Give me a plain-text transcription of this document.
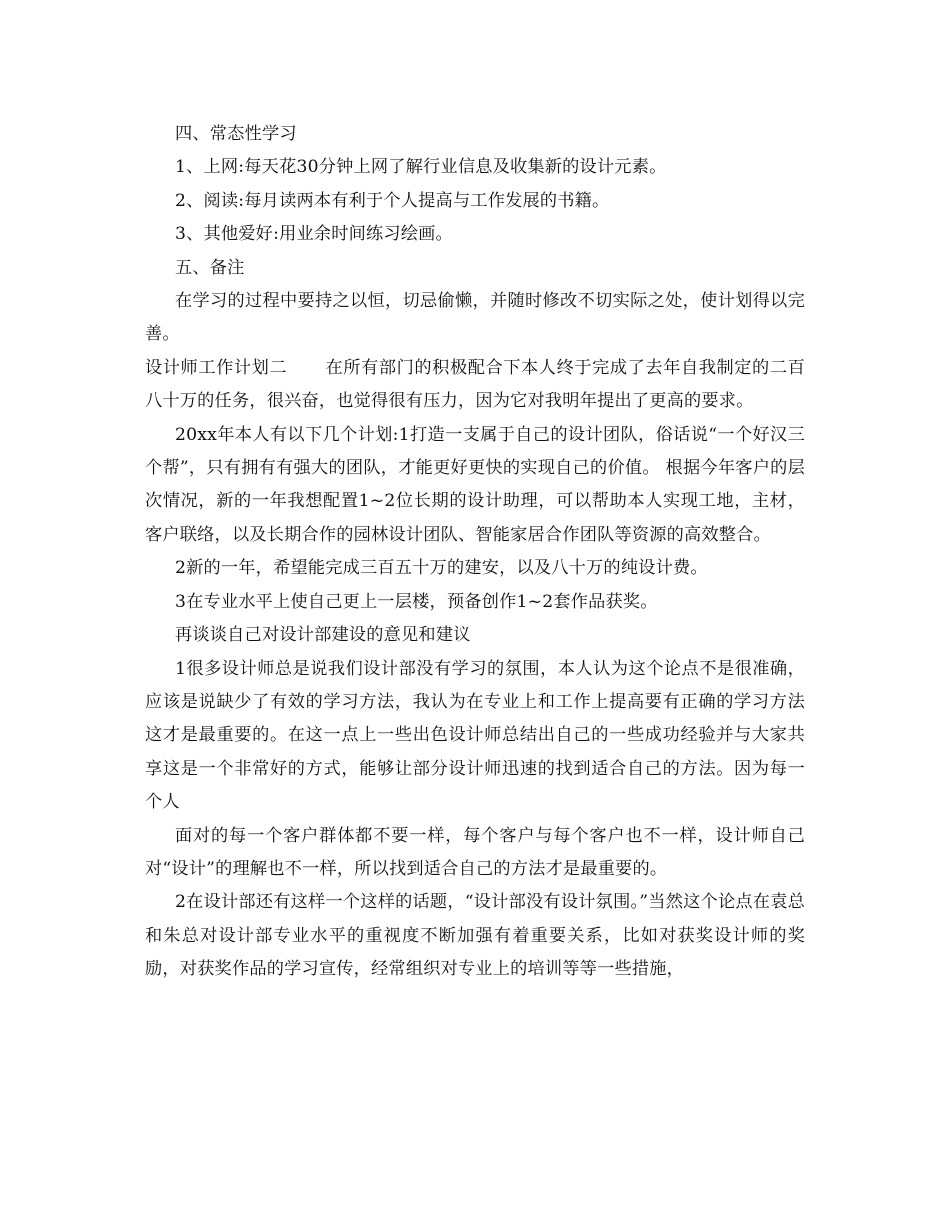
四、常态性学习

1、上网:每天花30分钟上网了解行业信息及收集新的设计元素。

2、阅读:每月读两本有利于个人提高与工作发展的书籍。

3、其他爱好:用业余时间练习绘画。

五、备注

在学习的过程中要持之以恒，切忌偷懒，并随时修改不切实际之处，使计划得以完善。

设计师工作计划二 在所有部门的积极配合下本人终于完成了去年自我制定的二百八十万的任务，很兴奋，也觉得很有压力，因为它对我明年提出了更高的要求。

20xx年本人有以下几个计划:1打造一支属于自己的设计团队，俗话说“一个好汉三个帮”，只有拥有有强大的团队，才能更好更快的实现自己的价值。 根据今年客户的层次情况，新的一年我想配置1~2位长期的设计助理，可以帮助本人实现工地，主材，客户联络，以及长期合作的园林设计团队、智能家居合作团队等资源的高效整合。

2新的一年，希望能完成三百五十万的建安，以及八十万的纯设计费。

3在专业水平上使自己更上一层楼，预备创作1~2套作品获奖。

再谈谈自己对设计部建设的意见和建议

1很多设计师总是说我们设计部没有学习的氛围，本人认为这个论点不是很准确，应该是说缺少了有效的学习方法，我认为在专业上和工作上提高要有正确的学习方法这才是最重要的。在这一点上一些出色设计师总结出自己的一些成功经验并与大家共享这是一个非常好的方式，能够让部分设计师迅速的找到适合自己的方法。因为每一个人

面对的每一个客户群体都不要一样，每个客户与每个客户也不一样，设计师自己对“设计”的理解也不一样，所以找到适合自己的方法才是最重要的。

2在设计部还有这样一个这样的话题，“设计部没有设计氛围。”当然这个论点在袁总和朱总对设计部专业水平的重视度不断加强有着重要关系，比如对获奖设计师的奖励，对获奖作品的学习宣传，经常组织对专业上的培训等等一些措施，
